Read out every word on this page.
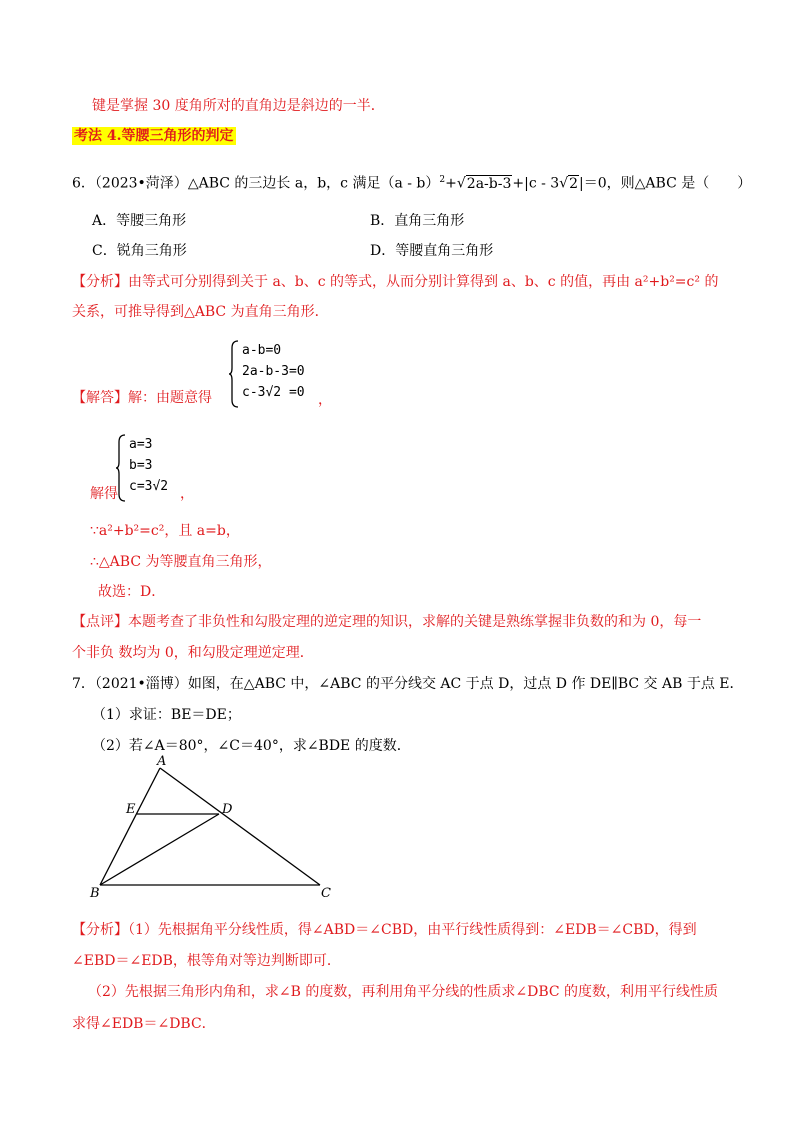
键是掌握 30 度角所对的直角边是斜边的一半．
考法 4.等腰三角形的判定
6．（2023•菏泽）△ABC 的三边长 a，b，c 满足（a - b）$^2$+√2a-b-3+|c - 3√2|＝0，则△ABC 是（　　）
A．等腰三角形	B．直角三角形
C．锐角三角形	D．等腰直角三角形
【分析】由等式可分别得到关于 a、b、c 的等式，从而分别计算得到 a、b、c 的值，再由 a²+b²=c² 的
关系，可推导得到△ABC 为直角三角形．
a-b=0
2a-b-3=0
c-3√2 =0
【解答】解：由题意得	，
a=3
b=3
c=3√2
解得	，
∵a²+b²=c²，且 a=b，
∴△ABC 为等腰直角三角形，
故选：D．
【点评】本题考查了非负性和勾股定理的逆定理的知识，求解的关键是熟练掌握非负数的和为 0，每一
个非负 数均为 0，和勾股定理逆定理．
7．（2021•淄博）如图，在△ABC 中，∠ABC 的平分线交 AC 于点 D，过点 D 作 DE∥BC 交 AB 于点 E．
（1）求证：BE＝DE；
（2）若∠A＝80°，∠C＝40°，求∠BDE 的度数．
A
B	C
D
E
【分析】（1）先根据角平分线性质，得∠ABD＝∠CBD，由平行线性质得到：∠EDB＝∠CBD，得到
∠EBD＝∠EDB，根等角对等边判断即可．
（2）先根据三角形内角和，求∠B 的度数，再利用角平分线的性质求∠DBC 的度数，利用平行线性质
求得∠EDB＝∠DBC．
